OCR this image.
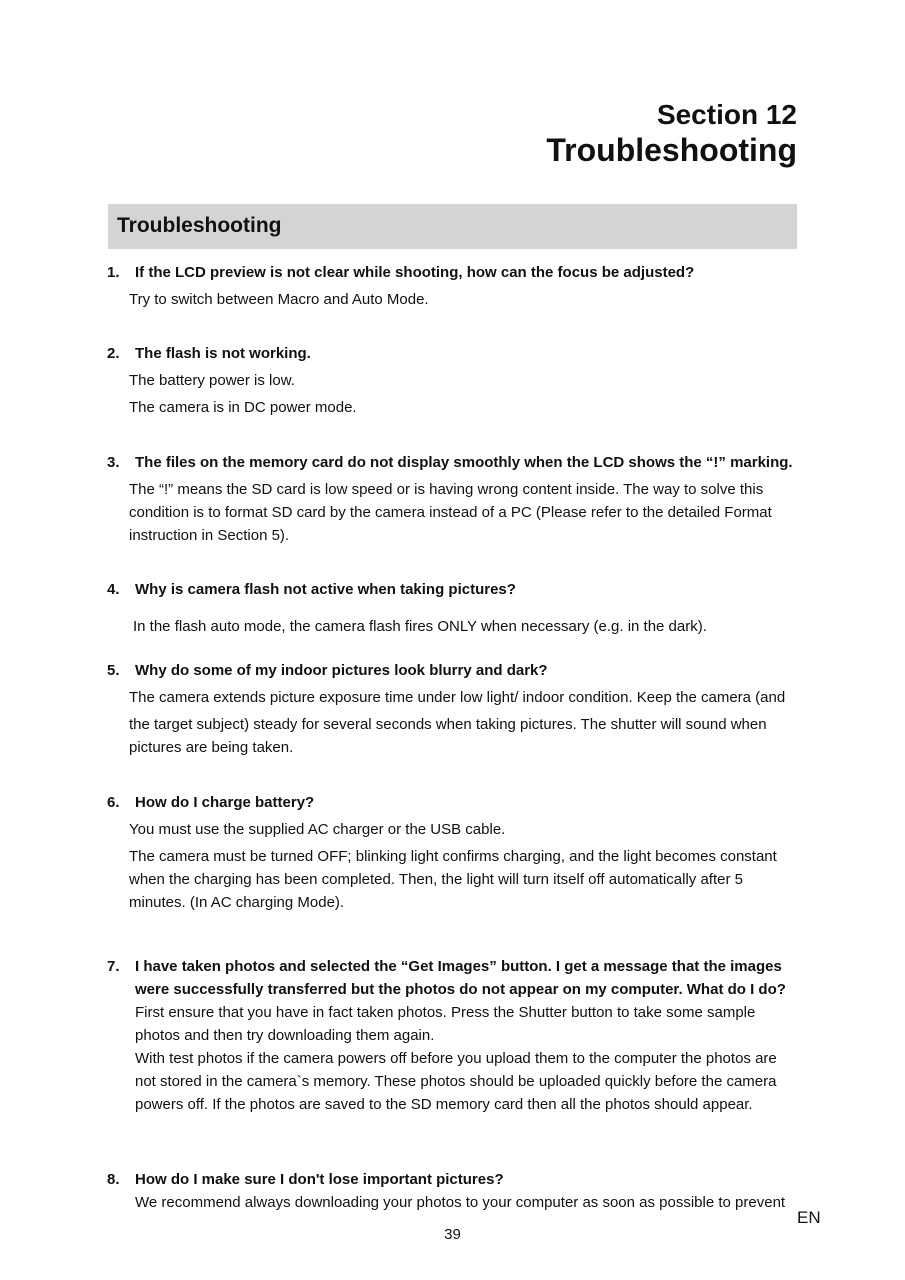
Section 12
Troubleshooting
Troubleshooting
1. If the LCD preview is not clear while shooting, how can the focus be adjusted?
Try to switch between Macro and Auto Mode.
2. The flash is not working.
The battery power is low.
The camera is in DC power mode.
3. The files on the memory card do not display smoothly when the LCD shows the “!” marking.
The “!” means the SD card is low speed or is having wrong content inside. The way to solve this condition is to format SD card by the camera instead of a PC (Please refer to the detailed Format instruction in Section 5).
4. Why is camera flash not active when taking pictures?
In the flash auto mode, the camera flash fires ONLY when necessary (e.g. in the dark).
5. Why do some of my indoor pictures look blurry and dark?
The camera extends picture exposure time under low light/ indoor condition. Keep the camera (and
the target subject) steady for several seconds when taking pictures. The shutter will sound when pictures are being taken.
6. How do I charge battery?
You must use the supplied AC charger or the USB cable.
The camera must be turned OFF; blinking light confirms charging, and the light becomes constant when the charging has been completed. Then, the light will turn itself off automatically after 5 minutes. (In AC charging Mode).
7. I have taken photos and selected the “Get Images” button. I get a message that the images were successfully transferred but the photos do not appear on my computer. What do I do?
First ensure that you have in fact taken photos. Press the Shutter button to take some sample photos and then try downloading them again.
With test photos if the camera powers off before you upload them to the computer the photos are not stored in the camera`s memory. These photos should be uploaded quickly before the camera powers off. If the photos are saved to the SD memory card then all the photos should appear.
8. How do I make sure I don't lose important pictures?
We recommend always downloading your photos to your computer as soon as possible to prevent
39
EN
